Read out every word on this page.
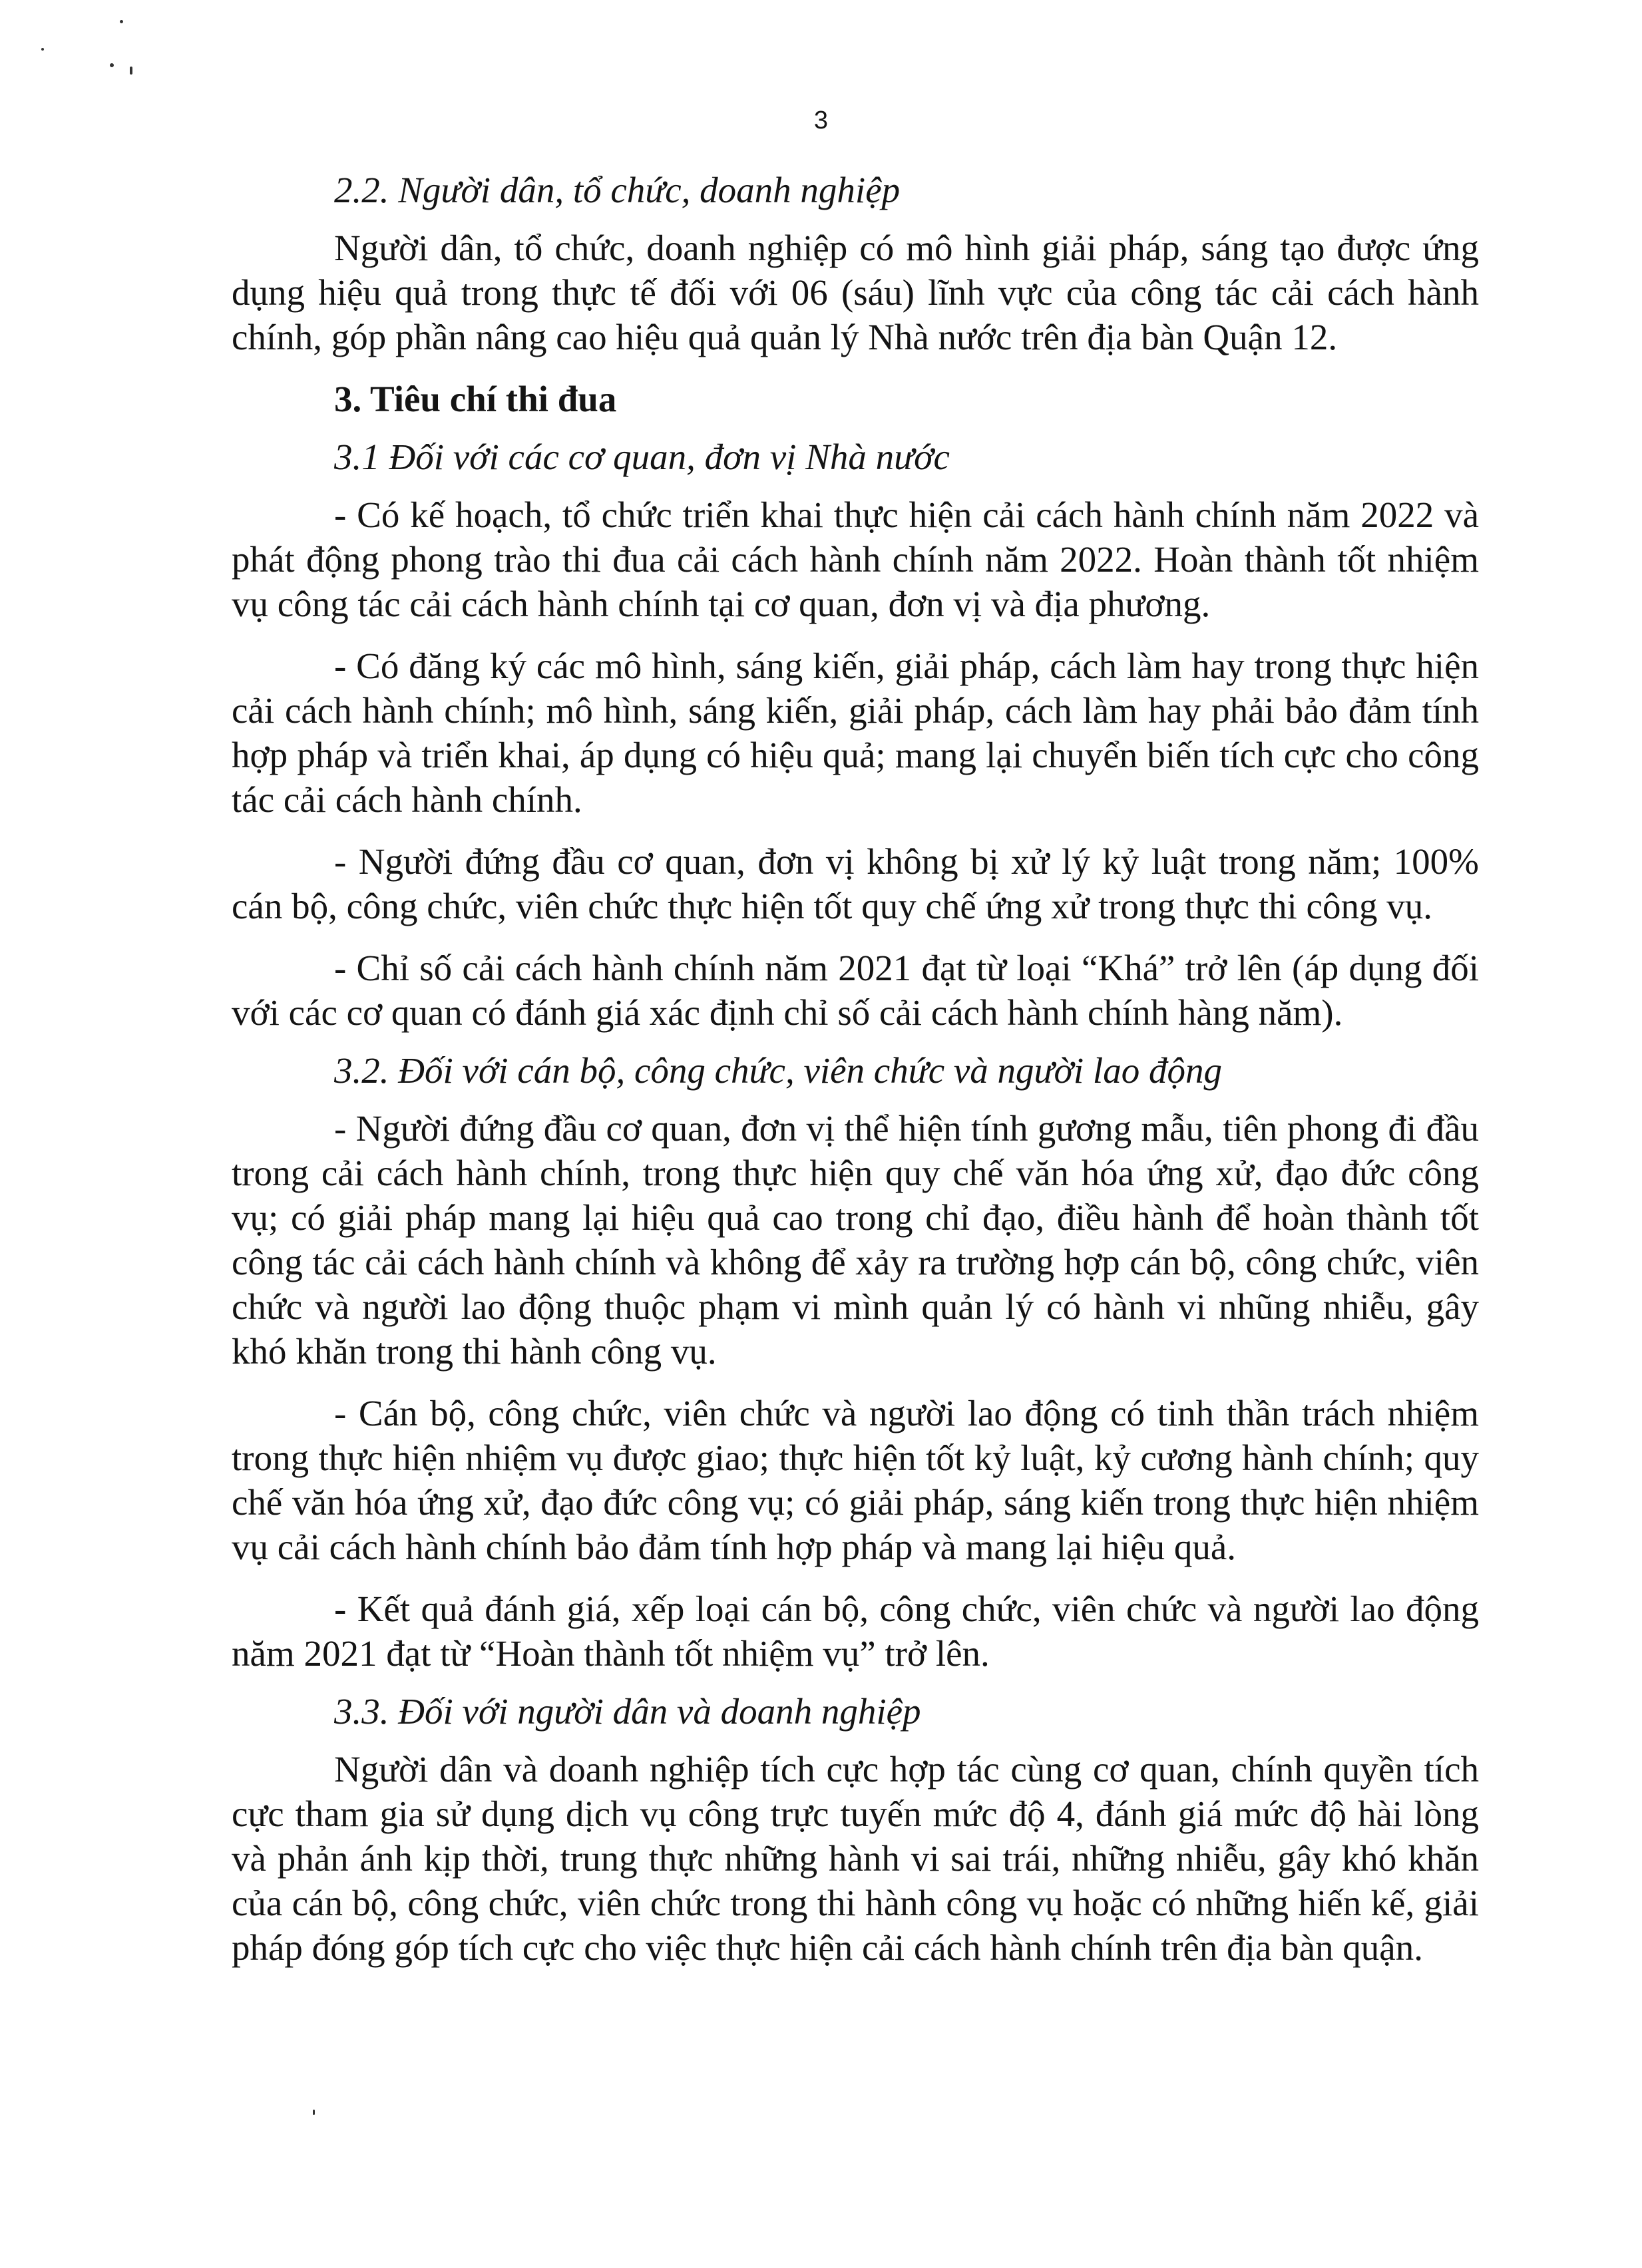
3

2.2. Người dân, tổ chức, doanh nghiệp

Người dân, tổ chức, doanh nghiệp có mô hình giải pháp, sáng tạo được ứng dụng hiệu quả trong thực tế đối với 06 (sáu) lĩnh vực của công tác cải cách hành chính, góp phần nâng cao hiệu quả quản lý Nhà nước trên địa bàn Quận 12.

3. Tiêu chí thi đua

3.1 Đối với các cơ quan, đơn vị Nhà nước

- Có kế hoạch, tổ chức triển khai thực hiện cải cách hành chính năm 2022 và phát động phong trào thi đua cải cách hành chính năm 2022. Hoàn thành tốt nhiệm vụ công tác cải cách hành chính tại cơ quan, đơn vị và địa phương.

- Có đăng ký các mô hình, sáng kiến, giải pháp, cách làm hay trong thực hiện cải cách hành chính; mô hình, sáng kiến, giải pháp, cách làm hay phải bảo đảm tính hợp pháp và triển khai, áp dụng có hiệu quả; mang lại chuyển biến tích cực cho công tác cải cách hành chính.

- Người đứng đầu cơ quan, đơn vị không bị xử lý kỷ luật trong năm; 100% cán bộ, công chức, viên chức thực hiện tốt quy chế ứng xử trong thực thi công vụ.

- Chỉ số cải cách hành chính năm 2021 đạt từ loại “Khá” trở lên (áp dụng đối với các cơ quan có đánh giá xác định chỉ số cải cách hành chính hàng năm).

3.2. Đối với cán bộ, công chức, viên chức và người lao động

- Người đứng đầu cơ quan, đơn vị thể hiện tính gương mẫu, tiên phong đi đầu trong cải cách hành chính, trong thực hiện quy chế văn hóa ứng xử, đạo đức công vụ; có giải pháp mang lại hiệu quả cao trong chỉ đạo, điều hành để hoàn thành tốt công tác cải cách hành chính và không để xảy ra trường hợp cán bộ, công chức, viên chức và người lao động thuộc phạm vi mình quản lý có hành vi nhũng nhiễu, gây khó khăn trong thi hành công vụ.

- Cán bộ, công chức, viên chức và người lao động có tinh thần trách nhiệm trong thực hiện nhiệm vụ được giao; thực hiện tốt kỷ luật, kỷ cương hành chính; quy chế văn hóa ứng xử, đạo đức công vụ; có giải pháp, sáng kiến trong thực hiện nhiệm vụ cải cách hành chính bảo đảm tính hợp pháp và mang lại hiệu quả.

- Kết quả đánh giá, xếp loại cán bộ, công chức, viên chức và người lao động năm 2021 đạt từ “Hoàn thành tốt nhiệm vụ” trở lên.

3.3. Đối với người dân và doanh nghiệp

Người dân và doanh nghiệp tích cực hợp tác cùng cơ quan, chính quyền tích cực tham gia sử dụng dịch vụ công trực tuyến mức độ 4, đánh giá mức độ hài lòng và phản ánh kịp thời, trung thực những hành vi sai trái, những nhiễu, gây khó khăn của cán bộ, công chức, viên chức trong thi hành công vụ hoặc có những hiến kế, giải pháp đóng góp tích cực cho việc thực hiện cải cách hành chính trên địa bàn quận.
